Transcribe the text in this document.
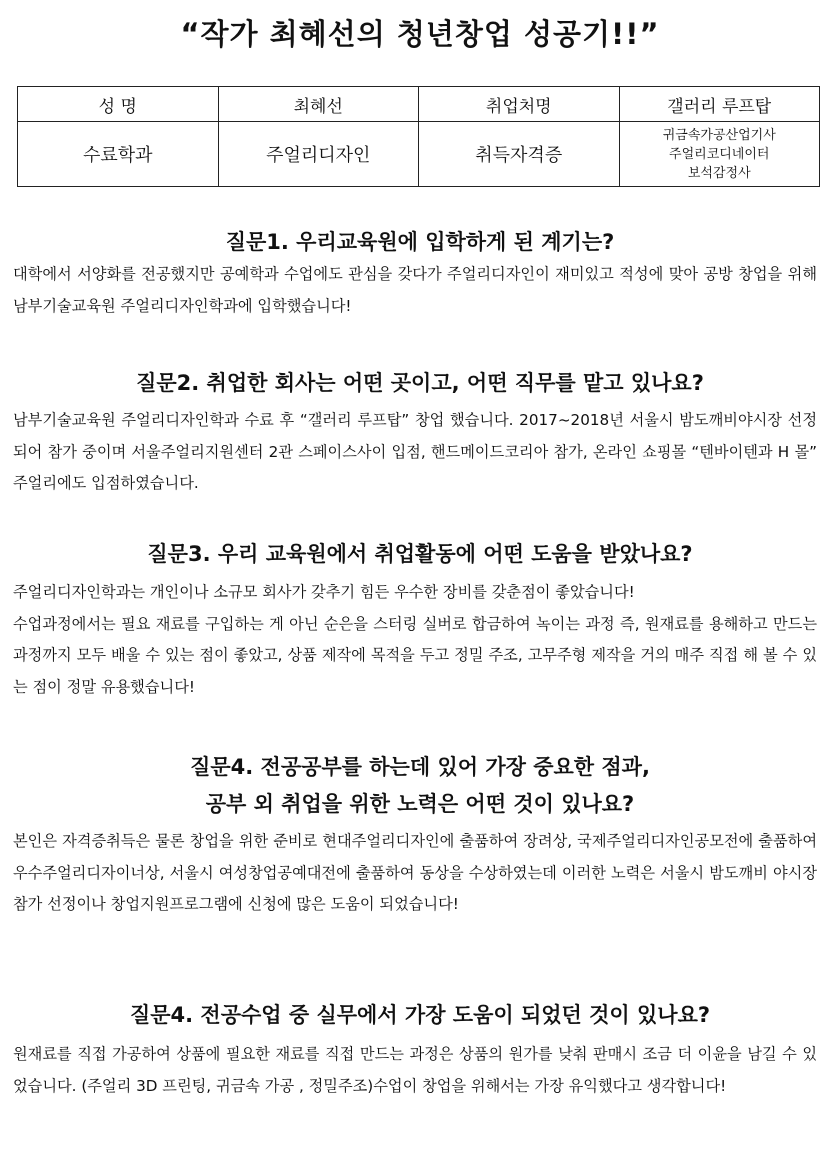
“작가 최혜선의 청년창업 성공기!!”
성 명	최혜선	취업처명	갤러리 루프탑
수료학과	주얼리디자인	취득자격증	귀금속가공산업기사
주얼리코디네이터
보석감정사
질문1. 우리교육원에 입학하게 된 계기는?

대학에서 서양화를 전공했지만 공예학과 수업에도 관심을 갖다가 주얼리디자인이 재미있고 적성에 맞아 공방 창업을 위해 남부기술교육원 주얼리디자인학과에 입학했습니다!

질문2. 취업한 회사는 어떤 곳이고, 어떤 직무를 맡고 있나요?

남부기술교육원 주얼리디자인학과 수료 후 “갤러리 루프탑” 창업 했습니다. 2017~2018년 서울시 밤도깨비야시장 선정되어 참가 중이며 서울주얼리지원센터 2관 스페이스사이 입점, 핸드메이드코리아 참가, 온라인 쇼핑몰 “텐바이텐과 H 몰” 주얼리에도 입점하였습니다.

질문3. 우리 교육원에서 취업활동에 어떤 도움을 받았나요?

주얼리디자인학과는 개인이나 소규모 회사가 갖추기 힘든 우수한 장비를 갖춘점이 좋았습니다!

수업과정에서는 필요 재료를 구입하는 게 아닌 순은을 스터링 실버로 합금하여 녹이는 과정 즉, 원재료를 용해하고 만드는 과정까지 모두 배울 수 있는 점이 좋았고, 상품 제작에 목적을 두고 정밀 주조, 고무주형 제작을 거의 매주 직접 해 볼 수 있는 점이 정말 유용했습니다!

질문4. 전공공부를 하는데 있어 가장 중요한 점과,
공부 외 취업을 위한 노력은 어떤 것이 있나요?

본인은 자격증취득은 물론 창업을 위한 준비로 현대주얼리디자인에 출품하여 장려상, 국제주얼리디자인공모전에 출품하여 우수주얼리디자이너상, 서울시 여성창업공예대전에 출품하여 동상을 수상하였는데 이러한 노력은 서울시 밤도깨비 야시장 참가 선정이나 창업지원프로그램에 신청에 많은 도움이 되었습니다!

질문4. 전공수업 중 실무에서 가장 도움이 되었던 것이 있나요?

원재료를 직접 가공하여 상품에 필요한 재료를 직접 만드는 과정은 상품의 원가를 낮춰 판매시 조금 더 이윤을 남길 수 있었습니다. (주얼리 3D 프린팅, 귀금속 가공 , 정밀주조)수업이 창업을 위해서는 가장 유익했다고 생각합니다!
